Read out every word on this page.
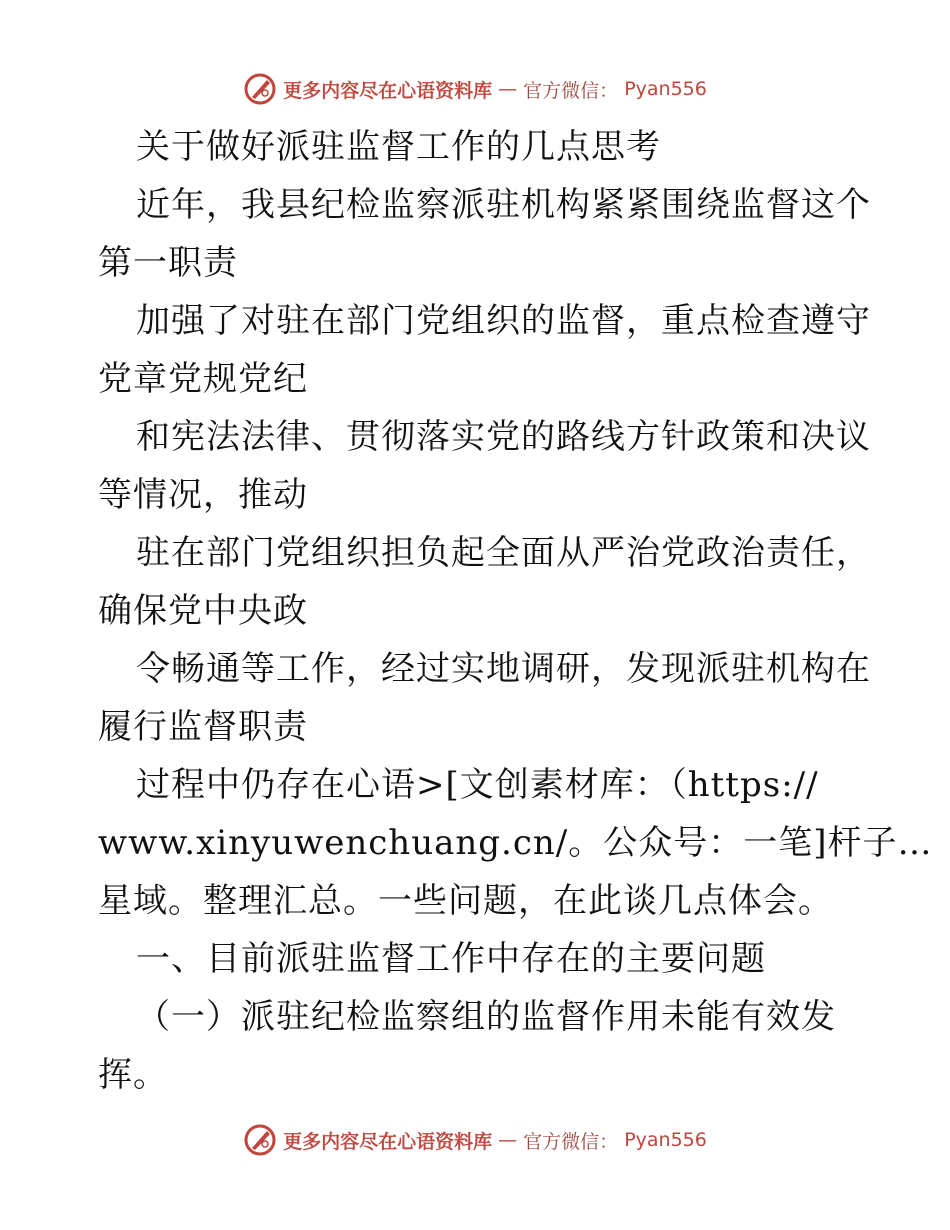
更多内容尽在心语资料库 — 官方微信： Pyan556
关于做好派驻监督工作的几点思考
近年，我县纪检监察派驻机构紧紧围绕监督这个
第一职责
加强了对驻在部门党组织的监督，重点检查遵守
党章党规党纪
和宪法法律、贯彻落实党的路线方针政策和决议
等情况，推动
驻在部门党组织担负起全面从严治党政治责任，
确保党中央政
令畅通等工作，经过实地调研，发现派驻机构在
履行监督职责
过程中仍存在心语>[文创素材库：（https://
www.xinyuwenchuang.cn/。公众号：一笔]杆子…
星域。整理汇总。一些问题，在此谈几点体会。
一、目前派驻监督工作中存在的主要问题
（一）派驻纪检监察组的监督作用未能有效发
挥。
更多内容尽在心语资料库 — 官方微信： Pyan556
